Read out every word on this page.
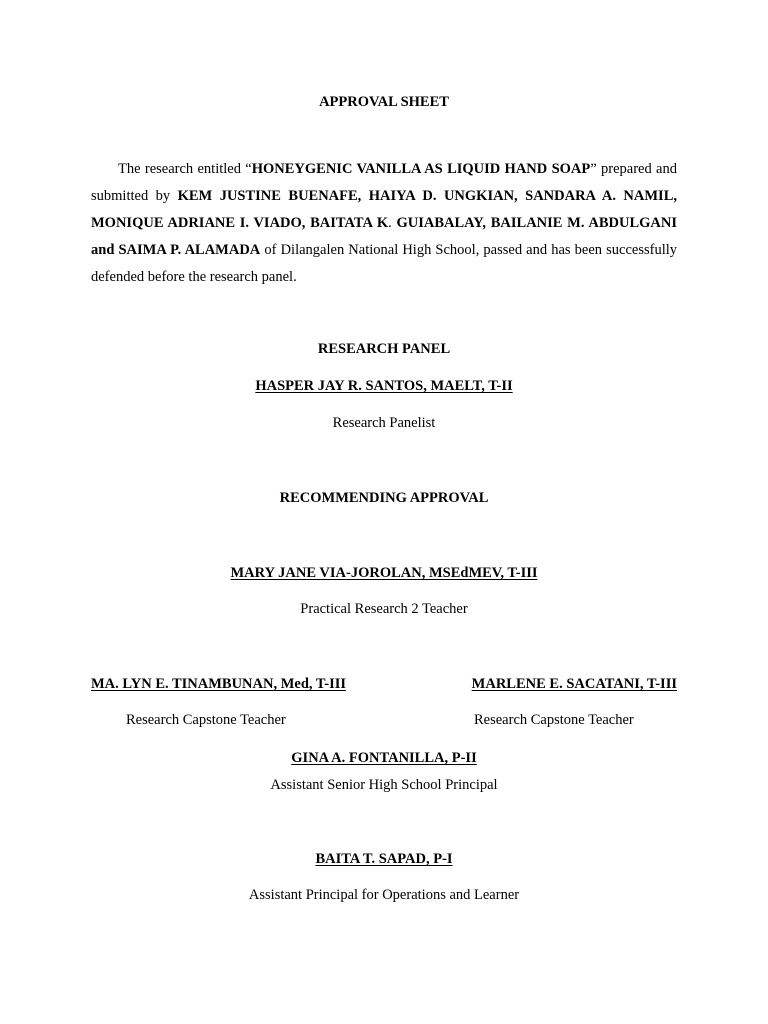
APPROVAL SHEET
The research entitled “HONEYGENIC VANILLA AS LIQUID HAND SOAP” prepared and submitted by KEM JUSTINE BUENAFE, HAIYA D. UNGKIAN, SANDARA A. NAMIL, MONIQUE ADRIANE I. VIADO, BAITATA K. GUIABALAY, BAILANIE M. ABDULGANI and SAIMA P. ALAMADA of Dilangalen National High School, passed and has been successfully defended before the research panel.
RESEARCH PANEL
HASPER JAY R. SANTOS, MAELT, T-II
Research Panelist
RECOMMENDING APPROVAL
MARY JANE VIA-JOROLAN, MSEdMEV, T-III
Practical Research 2 Teacher
MA. LYN E. TINAMBUNAN, Med, T-III
Research Capstone Teacher
MARLENE E. SACATANI, T-III
Research Capstone Teacher
GINA A. FONTANILLA, P-II
Assistant Senior High School Principal
BAITA T. SAPAD, P-I
Assistant Principal for Operations and Learner
